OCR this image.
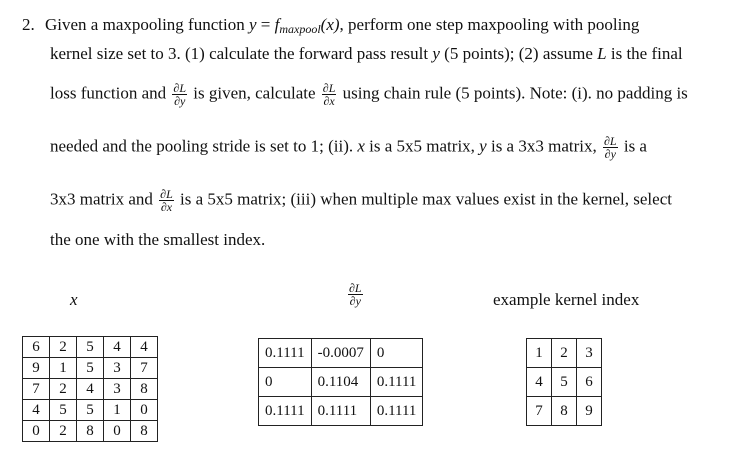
2. Given a maxpooling function $y = f_{maxpool}(x)$, perform one step maxpooling with pooling
kernel size set to 3. (1) calculate the forward pass result y (5 points); (2) assume L is the final
loss function and $\frac{\partial L}{\partial y}$ is given, calculate $\frac{\partial L}{\partial x}$ using chain rule (5 points). Note: (i). no padding is
needed and the pooling stride is set to 1; (ii). x is a 5x5 matrix, y is a 3x3 matrix, $\frac{\partial L}{\partial y}$ is a
3x3 matrix and $\frac{\partial L}{\partial x}$ is a 5x5 matrix; (iii) when multiple max values exist in the kernel, select
the one with the smallest index.
x	$\frac{\partial L}{\partial y}$	example kernel index
6	2	5	4	4
9	1	5	3	7
7	2	4	3	8
4	5	5	1	0
0	2	8	0	8
0.1111	-0.0007	0
0	0.1104	0.1111
0.1111	0.1111	0.1111
1	2	3
4	5	6
7	8	9
